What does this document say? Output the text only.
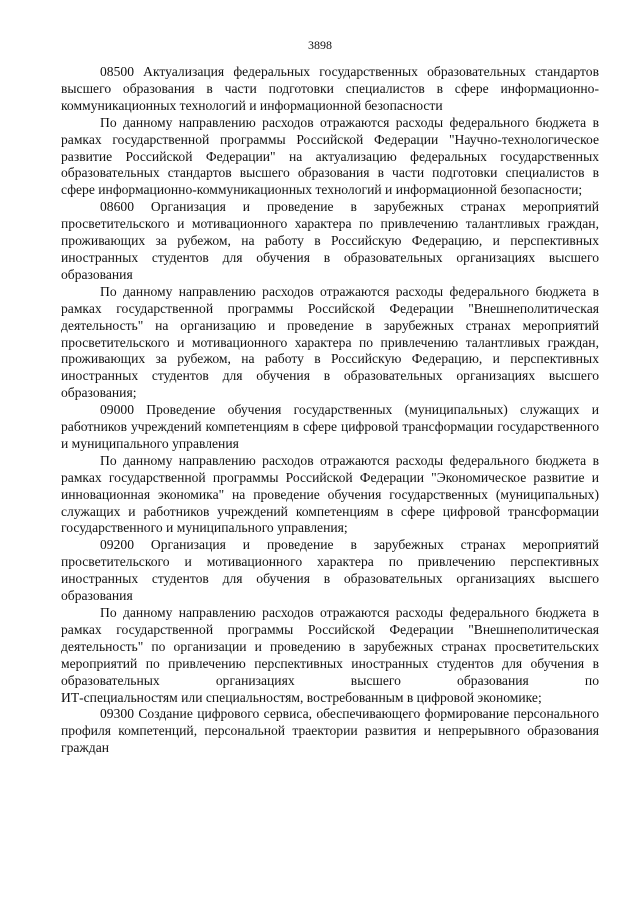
3898

08500 Актуализация федеральных государственных образовательных стандартов высшего образования в части подготовки специалистов в сфере информационно-коммуникационных технологий и информационной безопасности

По данному направлению расходов отражаются расходы федерального бюджета в рамках государственной программы Российской Федерации "Научно-технологическое развитие Российской Федерации" на актуализацию федеральных государственных образовательных стандартов высшего образования в части подготовки специалистов в сфере информационно-коммуникационных технологий и информационной безопасности;

08600 Организация и проведение в зарубежных странах мероприятий просветительского и мотивационного характера по привлечению талантливых граждан, проживающих за рубежом, на работу в Российскую Федерацию, и перспективных иностранных студентов для обучения в образовательных организациях высшего образования

По данному направлению расходов отражаются расходы федерального бюджета в рамках государственной программы Российской Федерации "Внешнеполитическая деятельность" на организацию и проведение в зарубежных странах мероприятий просветительского и мотивационного характера по привлечению талантливых граждан, проживающих за рубежом, на работу в Российскую Федерацию, и перспективных иностранных студентов для обучения в образовательных организациях высшего образования;

09000 Проведение обучения государственных (муниципальных) служащих и работников учреждений компетенциям в сфере цифровой трансформации государственного и муниципального управления

По данному направлению расходов отражаются расходы федерального бюджета в рамках государственной программы Российской Федерации "Экономическое развитие и инновационная экономика" на проведение обучения государственных (муниципальных) служащих и работников учреждений компетенциям в сфере цифровой трансформации государственного и муниципального управления;

09200 Организация и проведение в зарубежных странах мероприятий просветительского и мотивационного характера по привлечению перспективных иностранных студентов для обучения в образовательных организациях высшего образования

По данному направлению расходов отражаются расходы федерального бюджета в рамках государственной программы Российской Федерации "Внешнеполитическая деятельность" по организации и проведению в зарубежных странах просветительских мероприятий по привлечению перспективных иностранных студентов для обучения в образовательных организациях высшего образования по

ИТ-специальностям или специальностям, востребованным в цифровой экономике;

09300 Создание цифрового сервиса, обеспечивающего формирование персонального профиля компетенций, персональной траектории развития и непрерывного образования граждан
